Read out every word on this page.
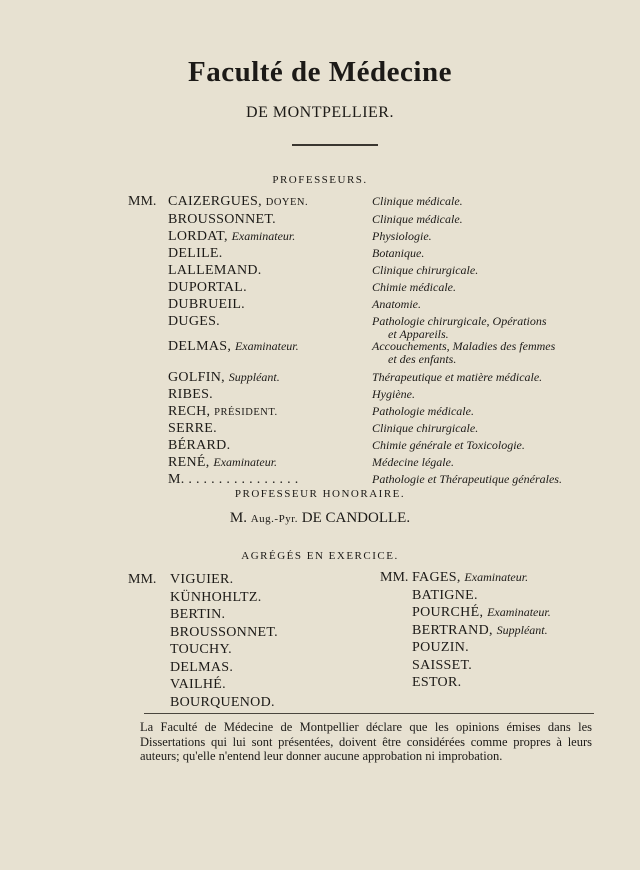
Faculté de Médecine
DE MONTPELLIER.
PROFESSEURS.
MM. CAIZERGUES, DOYEN.	Clinique médicale.
BROUSSONNET.	Clinique médicale.
LORDAT, Examinateur.	Physiologie.
DELILE.	Botanique.
LALLEMAND.	Clinique chirurgicale.
DUPORTAL.	Chimie médicale.
DUBRUEIL.	Anatomie.
DUGES.	Pathologie chirurgicale, Opérations
et Appareils.
DELMAS, Examinateur.	Accouchements, Maladies des femmes
et des enfants.
GOLFIN, Suppléant.	Thérapeutique et matière médicale.
RIBES.	Hygiène.
RECH, PRÉSIDENT.	Pathologie médicale.
SERRE.	Clinique chirurgicale.
BÉRARD.	Chimie générale et Toxicologie.
RENÉ, Examinateur.	Médecine légale.
M. . . . . . . . . . . . . . . .	Pathologie et Thérapeutique générales.
PROFESSEUR HONORAIRE.
M. Aug.-Pyr. DE CANDOLLE.
AGRÉGÉS EN EXERCICE.
MM. VIGUIER.
KÜNHOHLTZ.
BERTIN.
BROUSSONNET.
TOUCHY.
DELMAS.
VAILHÉ.
BOURQUENOD.
MM. FAGES, Examinateur.
BATIGNE.
POURCHÉ, Examinateur.
BERTRAND, Suppléant.
POUZIN.
SAISSET.
ESTOR.
La Faculté de Médecine de Montpellier déclare que les opinions émises dans les Dissertations qui lui sont présentées, doivent être considérées comme propres à leurs auteurs; qu'elle n'entend leur donner aucune approbation ni improbation.
